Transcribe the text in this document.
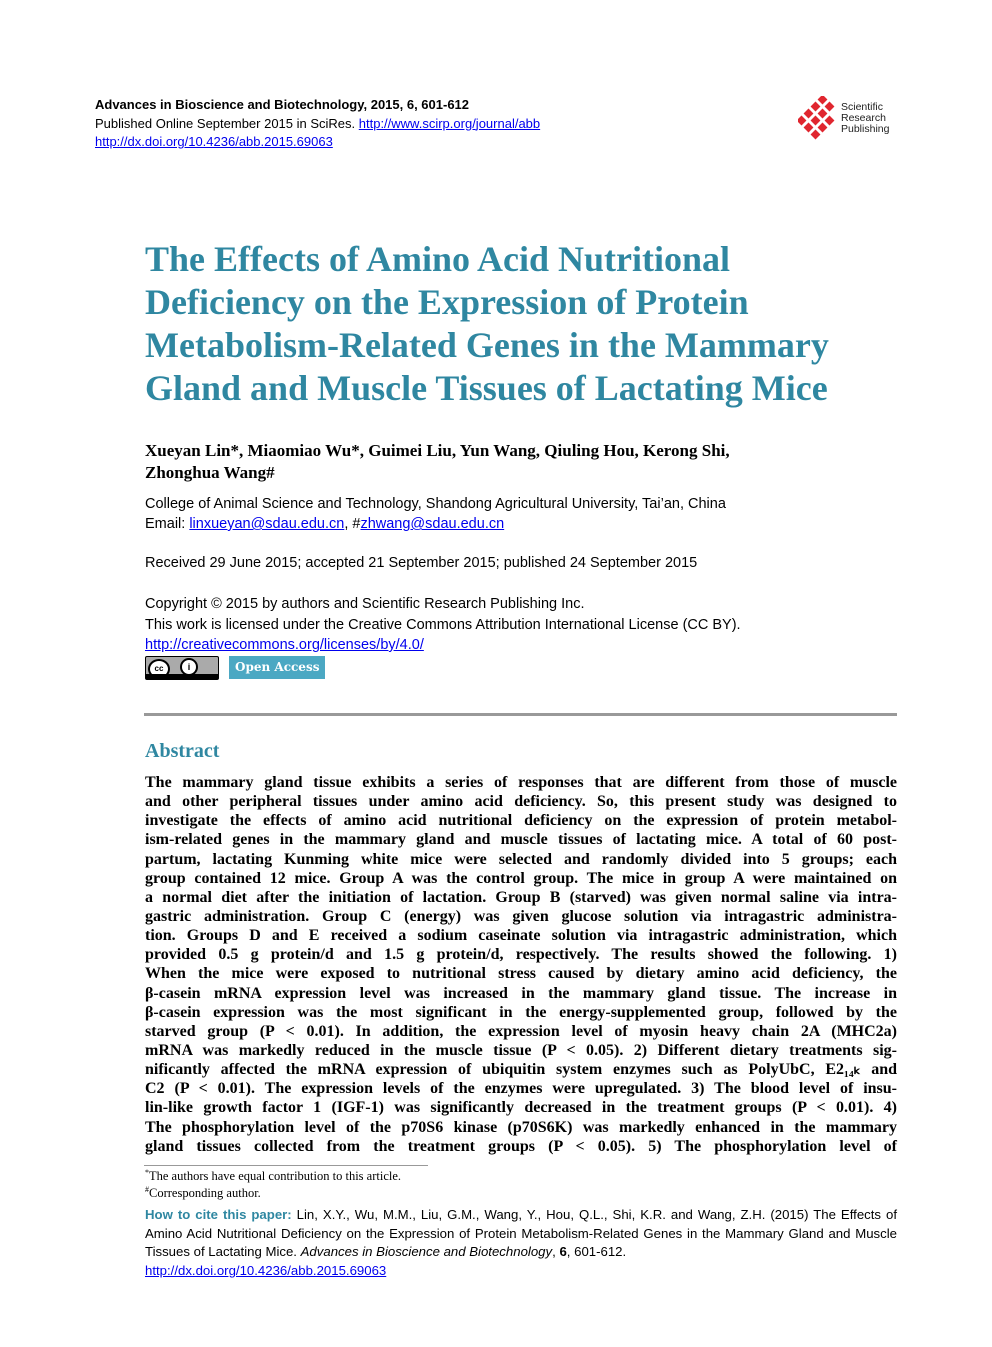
Advances in Bioscience and Biotechnology, 2015, 6, 601-612
Published Online September 2015 in SciRes. http://www.scirp.org/journal/abb
http://dx.doi.org/10.4236/abb.2015.69063
Scientific
Research
Publishing
The Effects of Amino Acid Nutritional
Deficiency on the Expression of Protein
Metabolism-Related Genes in the Mammary
Gland and Muscle Tissues of Lactating Mice
Xueyan Lin*, Miaomiao Wu*, Guimei Liu, Yun Wang, Qiuling Hou, Kerong Shi,
Zhonghua Wang#
College of Animal Science and Technology, Shandong Agricultural University, Tai’an, China
Email: linxueyan@sdau.edu.cn, #zhwang@sdau.edu.cn
Received 29 June 2015; accepted 21 September 2015; published 24 September 2015
Copyright © 2015 by authors and Scientific Research Publishing Inc.
This work is licensed under the Creative Commons Attribution International License (CC BY).
http://creativecommons.org/licenses/by/4.0/
cc	i	Open Access
Abstract
The mammary gland tissue exhibits a series of responses that are different from those of muscle
and other peripheral tissues under amino acid deficiency. So, this present study was designed to
investigate the effects of amino acid nutritional deficiency on the expression of protein metabol-
ism-related genes in the mammary gland and muscle tissues of lactating mice. A total of 60 post-
partum, lactating Kunming white mice were selected and randomly divided into 5 groups; each
group contained 12 mice. Group A was the control group. The mice in group A were maintained on
a normal diet after the initiation of lactation. Group B (starved) was given normal saline via intra-
gastric administration. Group C (energy) was given glucose solution via intragastric administra-
tion. Groups D and E received a sodium caseinate solution via intragastric administration, which
provided 0.5 g protein/d and 1.5 g protein/d, respectively. The results showed the following. 1)
When the mice were exposed to nutritional stress caused by dietary amino acid deficiency, the
β-casein mRNA expression level was increased in the mammary gland tissue. The increase in
β-casein expression was the most significant in the energy-supplemented group, followed by the
starved group (P < 0.01). In addition, the expression level of myosin heavy chain 2A (MHC2a)
mRNA was markedly reduced in the muscle tissue (P < 0.05). 2) Different dietary treatments sig-
nificantly affected the mRNA expression of ubiquitin system enzymes such as PolyUbC, E2₁₄ₖ and
C2 (P < 0.01). The expression levels of the enzymes were upregulated. 3) The blood level of insu-
lin-like growth factor 1 (IGF-1) was significantly decreased in the treatment groups (P < 0.01). 4)
The phosphorylation level of the p70S6 kinase (p70S6K) was markedly enhanced in the mammary
gland tissues collected from the treatment groups (P < 0.05). 5) The phosphorylation level of
*The authors have equal contribution to this article.
#Corresponding author.
How to cite this paper: Lin, X.Y., Wu, M.M., Liu, G.M., Wang, Y., Hou, Q.L., Shi, K.R. and Wang, Z.H. (2015) The Effects of Amino Acid Nutritional Deficiency on the Expression of Protein Metabolism-Related Genes in the Mammary Gland and Muscle Tissues of Lactating Mice. Advances in Bioscience and Biotechnology, 6, 601-612.
http://dx.doi.org/10.4236/abb.2015.69063
